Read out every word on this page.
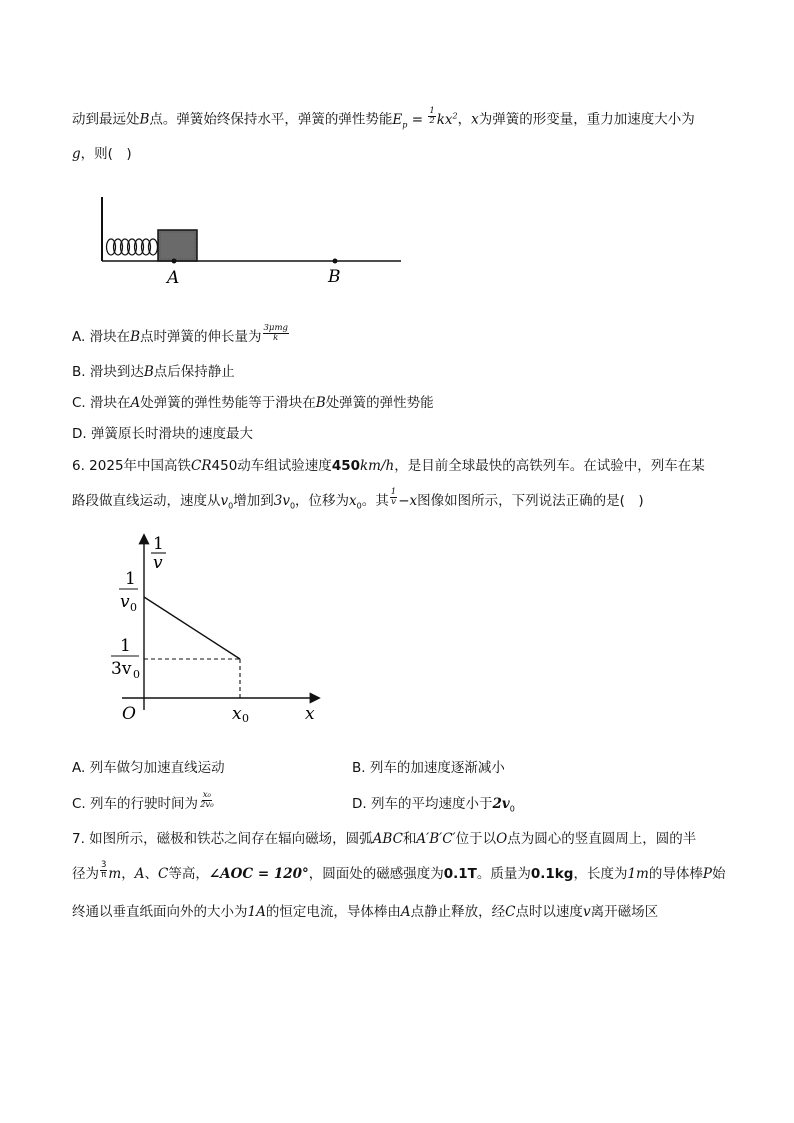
动到最远处B点。弹簧始终保持水平，弹簧的弹性势能$E_p = \frac{1}{2} kx^2$，x为弹簧的形变量，重力加速度大小为
g，则(　)
A	B
A. 滑块在B点时弹簧的伸长量为 $\frac{\text{3μmg}}{k}$
B. 滑块到达B点后保持静止
C. 滑块在A处弹簧的弹性势能等于滑块在B处弹簧的弹性势能
D. 弹簧原长时滑块的速度最大
6. 2025年中国高铁CR450动车组试验速度450km/h，是目前全球最快的高铁列车。在试验中，列车在某
路段做直线运动，速度从$v_0$增加到$3v_0$，位移为$x_0$。其 $\frac{1}{v} -x$图像如图所示，下列说法正确的是(　)
1
v
1
v 0
1
3v 0
O	x 0	x
A. 列车做匀加速直线运动	B. 列车的加速度逐渐减小
C. 列车的行驶时间为 $\frac{\text{x₀}}{\text{2v₀}}$	D. 列车的平均速度小于$2v_0$
7. 如图所示，磁极和铁芯之间存在辐向磁场，圆弧ABC和A′B′C′位于以O点为圆心的竖直圆周上，圆的半
径为 $\frac{3}{\pi}$ m，A、C等高，∠AOC = 120°，圆面处的磁感强度为0.1T。质量为0.1kg，长度为1m的导体棒P始
终通以垂直纸面向外的大小为1A的恒定电流，导体棒由A点静止释放，经C点时以速度v离开磁场区
